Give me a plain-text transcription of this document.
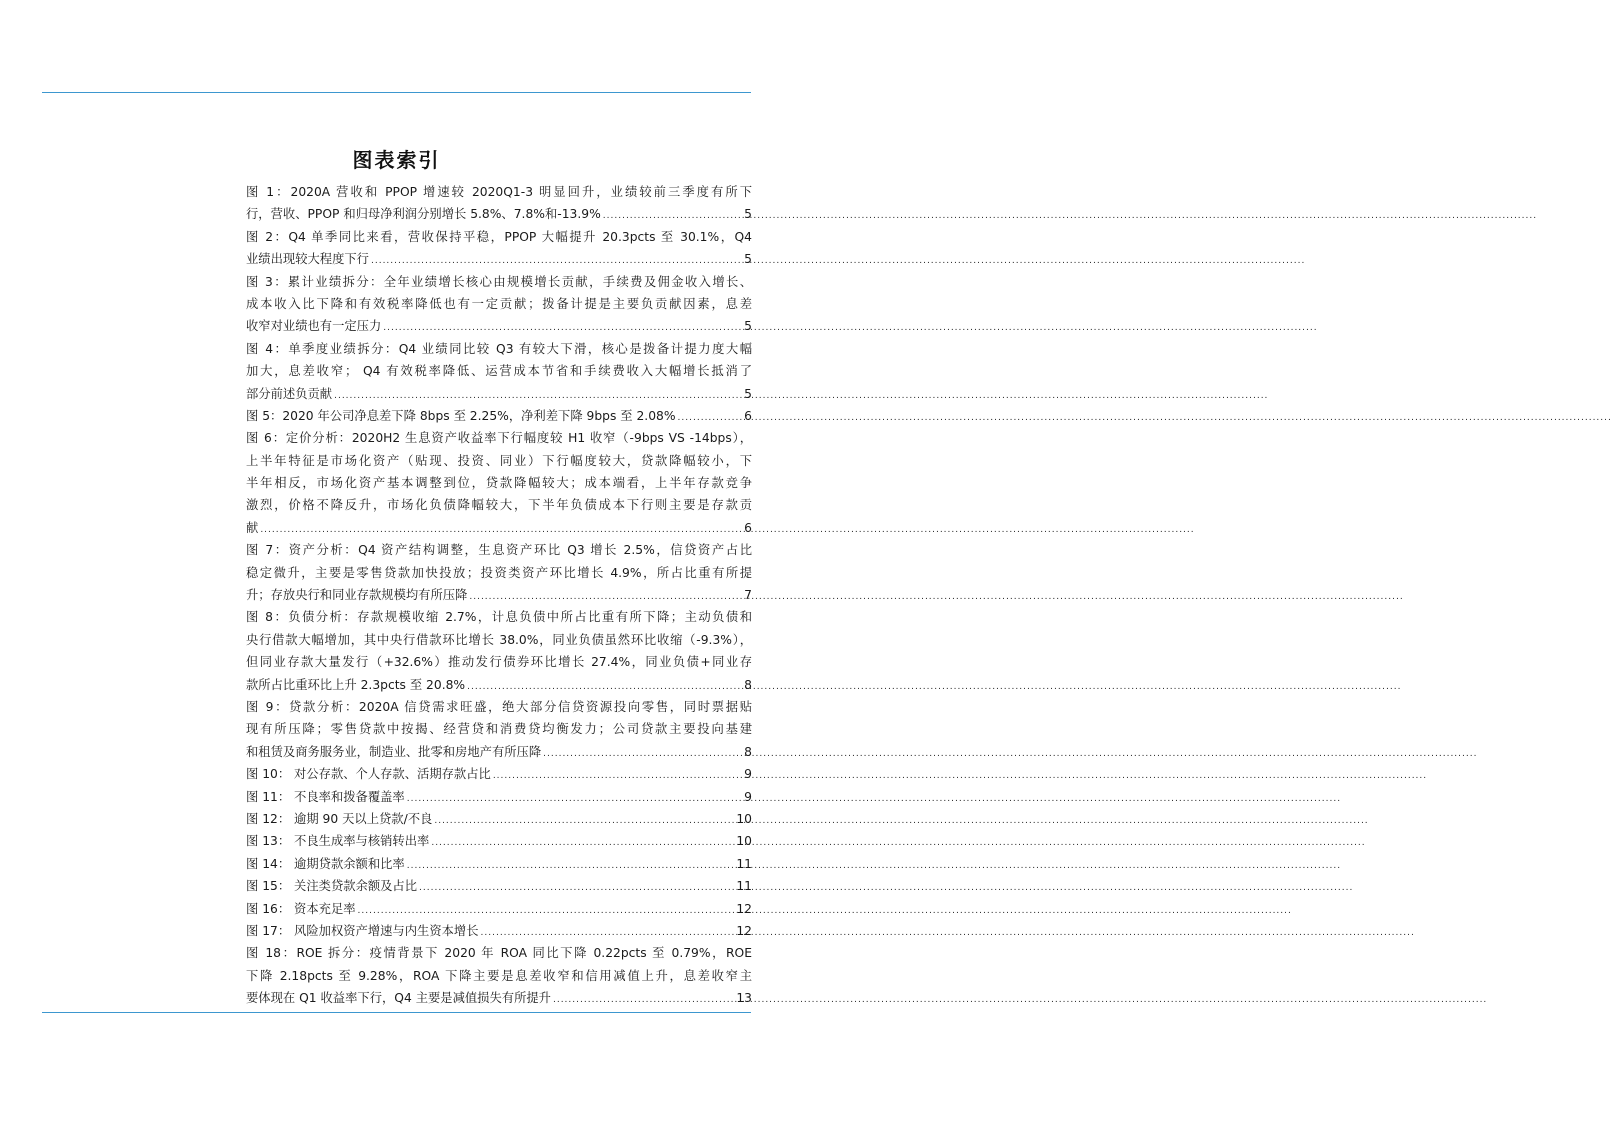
图表索引
图 1：2020A 营收和 PPOP 增速较 2020Q1-3 明显回升，业绩较前三季度有所下
行，营收、PPOP 和归母净利润分别增长 5.8%、7.8%和-13.9% .....	5
图 2：Q4 单季同比来看，营收保持平稳，PPOP 大幅提升 20.3pcts 至 30.1%，Q4
业绩出现较大程度下行 .....	5
图 3：累计业绩拆分：全年业绩增长核心由规模增长贡献，手续费及佣金收入增长、
成本收入比下降和有效税率降低也有一定贡献；拨备计提是主要负贡献因素，息差
收窄对业绩也有一定压力 .....	5
图 4：单季度业绩拆分：Q4 业绩同比较 Q3 有较大下滑，核心是拨备计提力度大幅
加大，息差收窄； Q4 有效税率降低、运营成本节省和手续费收入大幅增长抵消了
部分前述负贡献 .....	5
图 5：2020 年公司净息差下降 8bps 至 2.25%，净利差下降 9bps 至 2.08% .....	6
图 6：定价分析：2020H2 生息资产收益率下行幅度较 H1 收窄（-9bps VS -14bps），
上半年特征是市场化资产（贴现、投资、同业）下行幅度较大，贷款降幅较小，下
半年相反，市场化资产基本调整到位，贷款降幅较大；成本端看，上半年存款竞争
激烈，价格不降反升，市场化负债降幅较大，下半年负债成本下行则主要是存款贡
献 .....	6
图 7：资产分析：Q4 资产结构调整，生息资产环比 Q3 增长 2.5%，信贷资产占比
稳定微升，主要是零售贷款加快投放；投资类资产环比增长 4.9%，所占比重有所提
升；存放央行和同业存款规模均有所压降 .....	7
图 8：负债分析：存款规模收缩 2.7%，计息负债中所占比重有所下降；主动负债和
央行借款大幅增加，其中央行借款环比增长 38.0%，同业负债虽然环比收缩（-9.3%），
但同业存款大量发行（+32.6%）推动发行债券环比增长 27.4%，同业负债+同业存
款所占比重环比上升 2.3pcts 至 20.8% .....	8
图 9：贷款分析：2020A 信贷需求旺盛，绝大部分信贷资源投向零售，同时票据贴
现有所压降；零售贷款中按揭、经营贷和消费贷均衡发力；公司贷款主要投向基建
和租赁及商务服务业，制造业、批零和房地产有所压降 .....	8
图 10： 对公存款、个人存款、活期存款占比 .....	9
图 11： 不良率和拨备覆盖率 .....	9
图 12： 逾期 90 天以上贷款/不良 .....	10
图 13： 不良生成率与核销转出率 .....	10
图 14： 逾期贷款余额和比率 .....	11
图 15： 关注类贷款余额及占比 .....	11
图 16： 资本充足率 .....	12
图 17： 风险加权资产增速与内生资本增长 .....	12
图 18：ROE 拆分：疫情背景下 2020 年 ROA 同比下降 0.22pcts 至 0.79%，ROE
下降 2.18pcts 至 9.28%，ROA 下降主要是息差收窄和信用减值上升，息差收窄主
要体现在 Q1 收益率下行，Q4 主要是减值损失有所提升 .....	13
